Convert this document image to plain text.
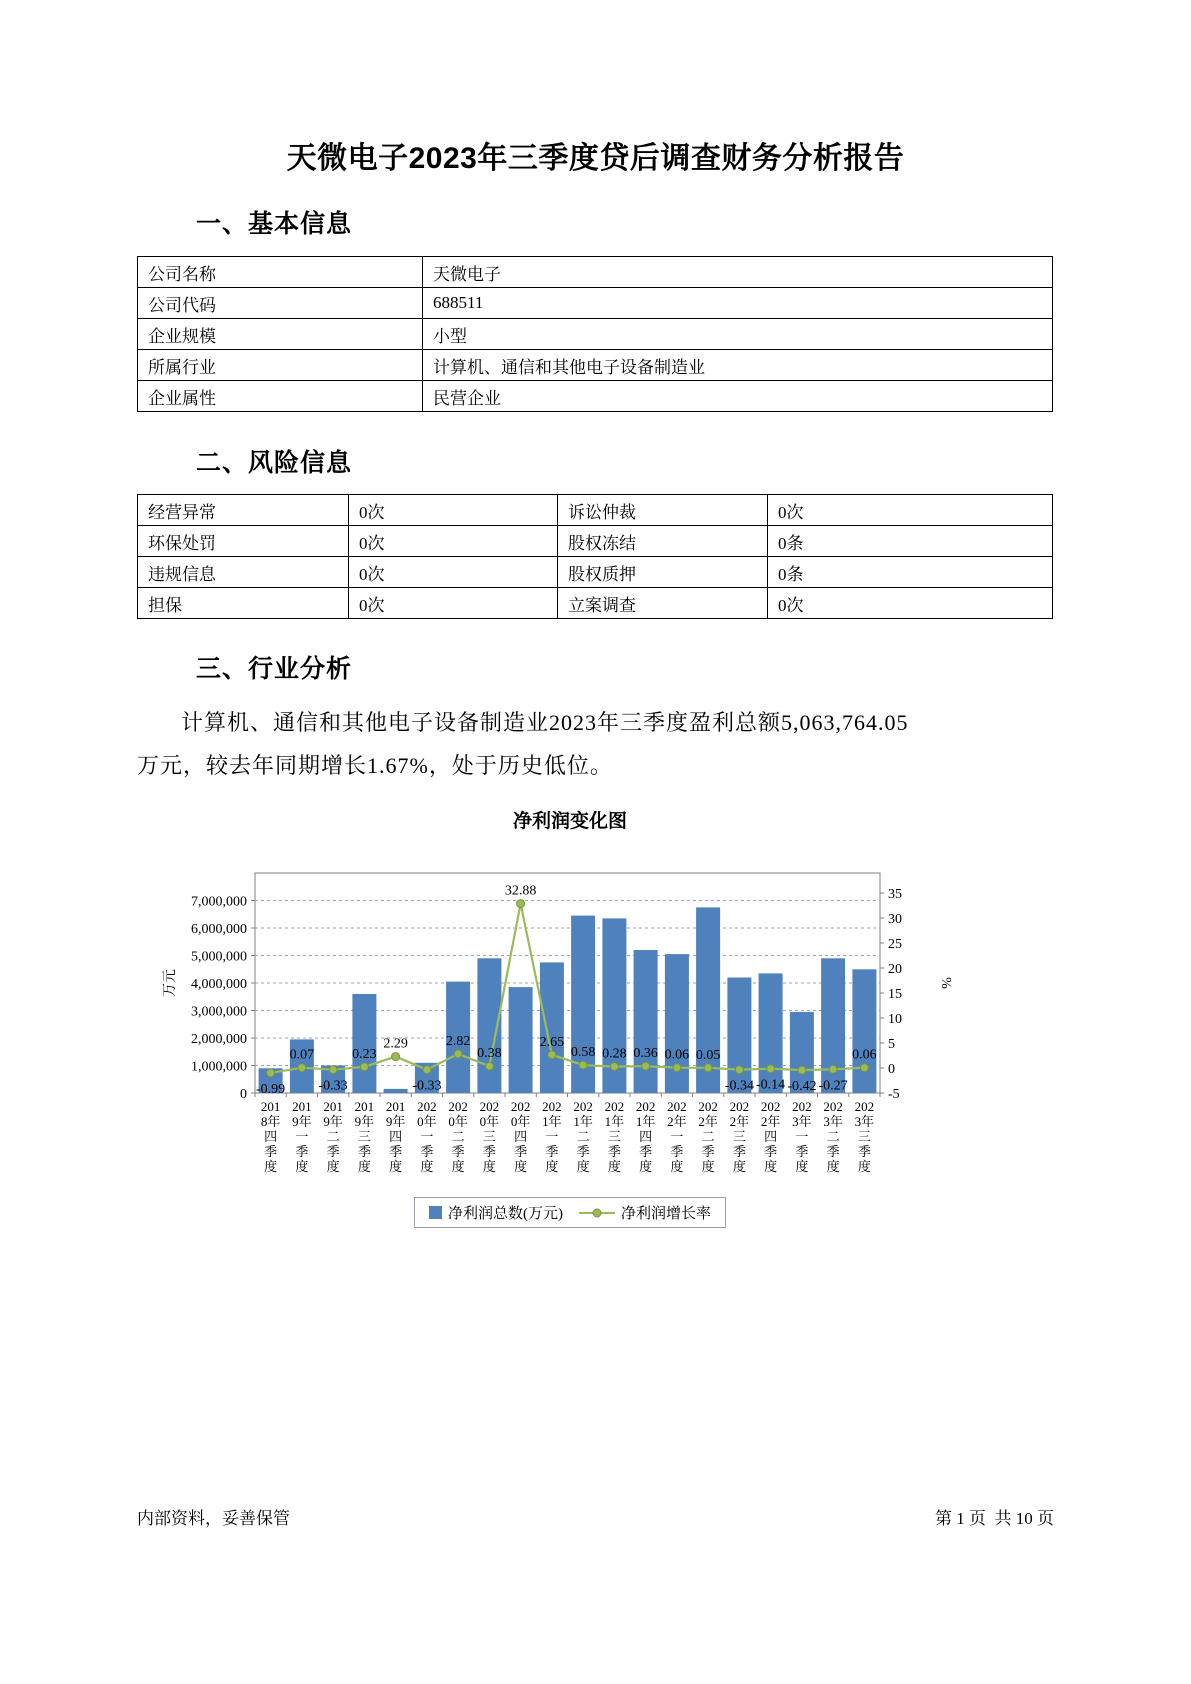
天微电子2023年三季度贷后调查财务分析报告
一、基本信息
公司名称	天微电子
公司代码	688511
企业规模	小型
所属行业	计算机、通信和其他电子设备制造业
企业属性	民营企业
二、风险信息
经营异常	0次	诉讼仲裁	0次
环保处罚	0次	股权冻结	0条
违规信息	0次	股权质押	0条
担保	0次	立案调查	0次
三、行业分析
计算机、通信和其他电子设备制造业2023年三季度盈利总额5,063,764.05万元，较去年同期增长1.67%，处于历史低位。
净利润变化图
0
1,000,000
2,000,000
3,000,000
4,000,000
5,000,000
6,000,000
7,000,000
-5
0
5
10
15
20
25
30
35
-0.99
0.07
-0.33
0.23
2.29
-0.33
2.82
0.38
32.88
2.65
0.58 0.28 0.36 0.06 0.05
-0.34 -0.14 -0.42 -0.27
0.06
201
8年
四
季
度
201
9年
一
季
度
201
9年
二
季
度
201
9年
三
季
度
201
9年
四
季
度
202
0年
一
季
度
202
0年
二
季
度
202
0年
三
季
度
202
0年
四
季
度
202
1年
一
季
度
202
1年
二
季
度
202
1年
三
季
度
202
1年
四
季
度
202
2年
一
季
度
202
2年
二
季
度
202
2年
三
季
度
202
2年
四
季
度
202
3年
一
季
度
202
3年
二
季
度
202
3年
三
季
度
万元	%
净利润总数(万元)	净利润增长率
内部资料，妥善保管	第 1 页  共 10 页
